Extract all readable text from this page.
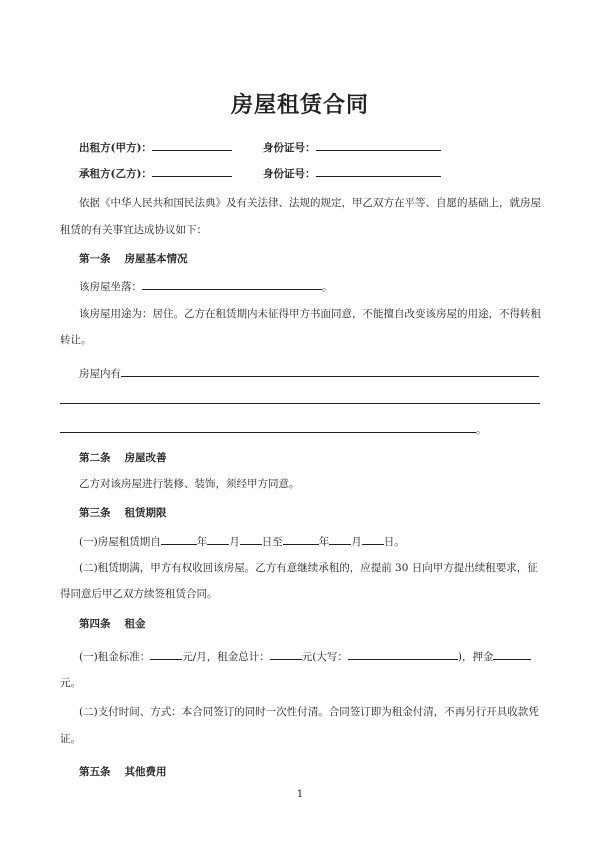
房屋租赁合同
出租方(甲方)：	身份证号：
承租方(乙方)：	身份证号：
依据《中华人民共和国民法典》及有关法律、法规的规定，甲乙双方在平等、自愿的基础上，就房屋
租赁的有关事宜达成协议如下：
第一条 房屋基本情况
该房屋坐落：	。
该房屋用途为：居住。乙方在租赁期内未征得甲方书面同意，不能擅自改变该房屋的用途，不得转租
转让。
房屋内有
。
第二条 房屋改善
乙方对该房屋进行装修、装饰，须经甲方同意。
第三条 租赁期限
(一)房屋租赁期自	年 月 日至	年 月 日。
(二)租赁期满，甲方有权收回该房屋。乙方有意继续承租的，应提前 30 日向甲方提出续租要求，征
得同意后甲乙双方续签租赁合同。
第四条 租金
(一)租金标准：	元/月，租金总计：	元(大写：	)，押金
元。
(二)支付时间、方式：本合同签订的同时一次性付清。合同签订即为租金付清，不再另行开具收款凭
证。
第五条 其他费用
1
